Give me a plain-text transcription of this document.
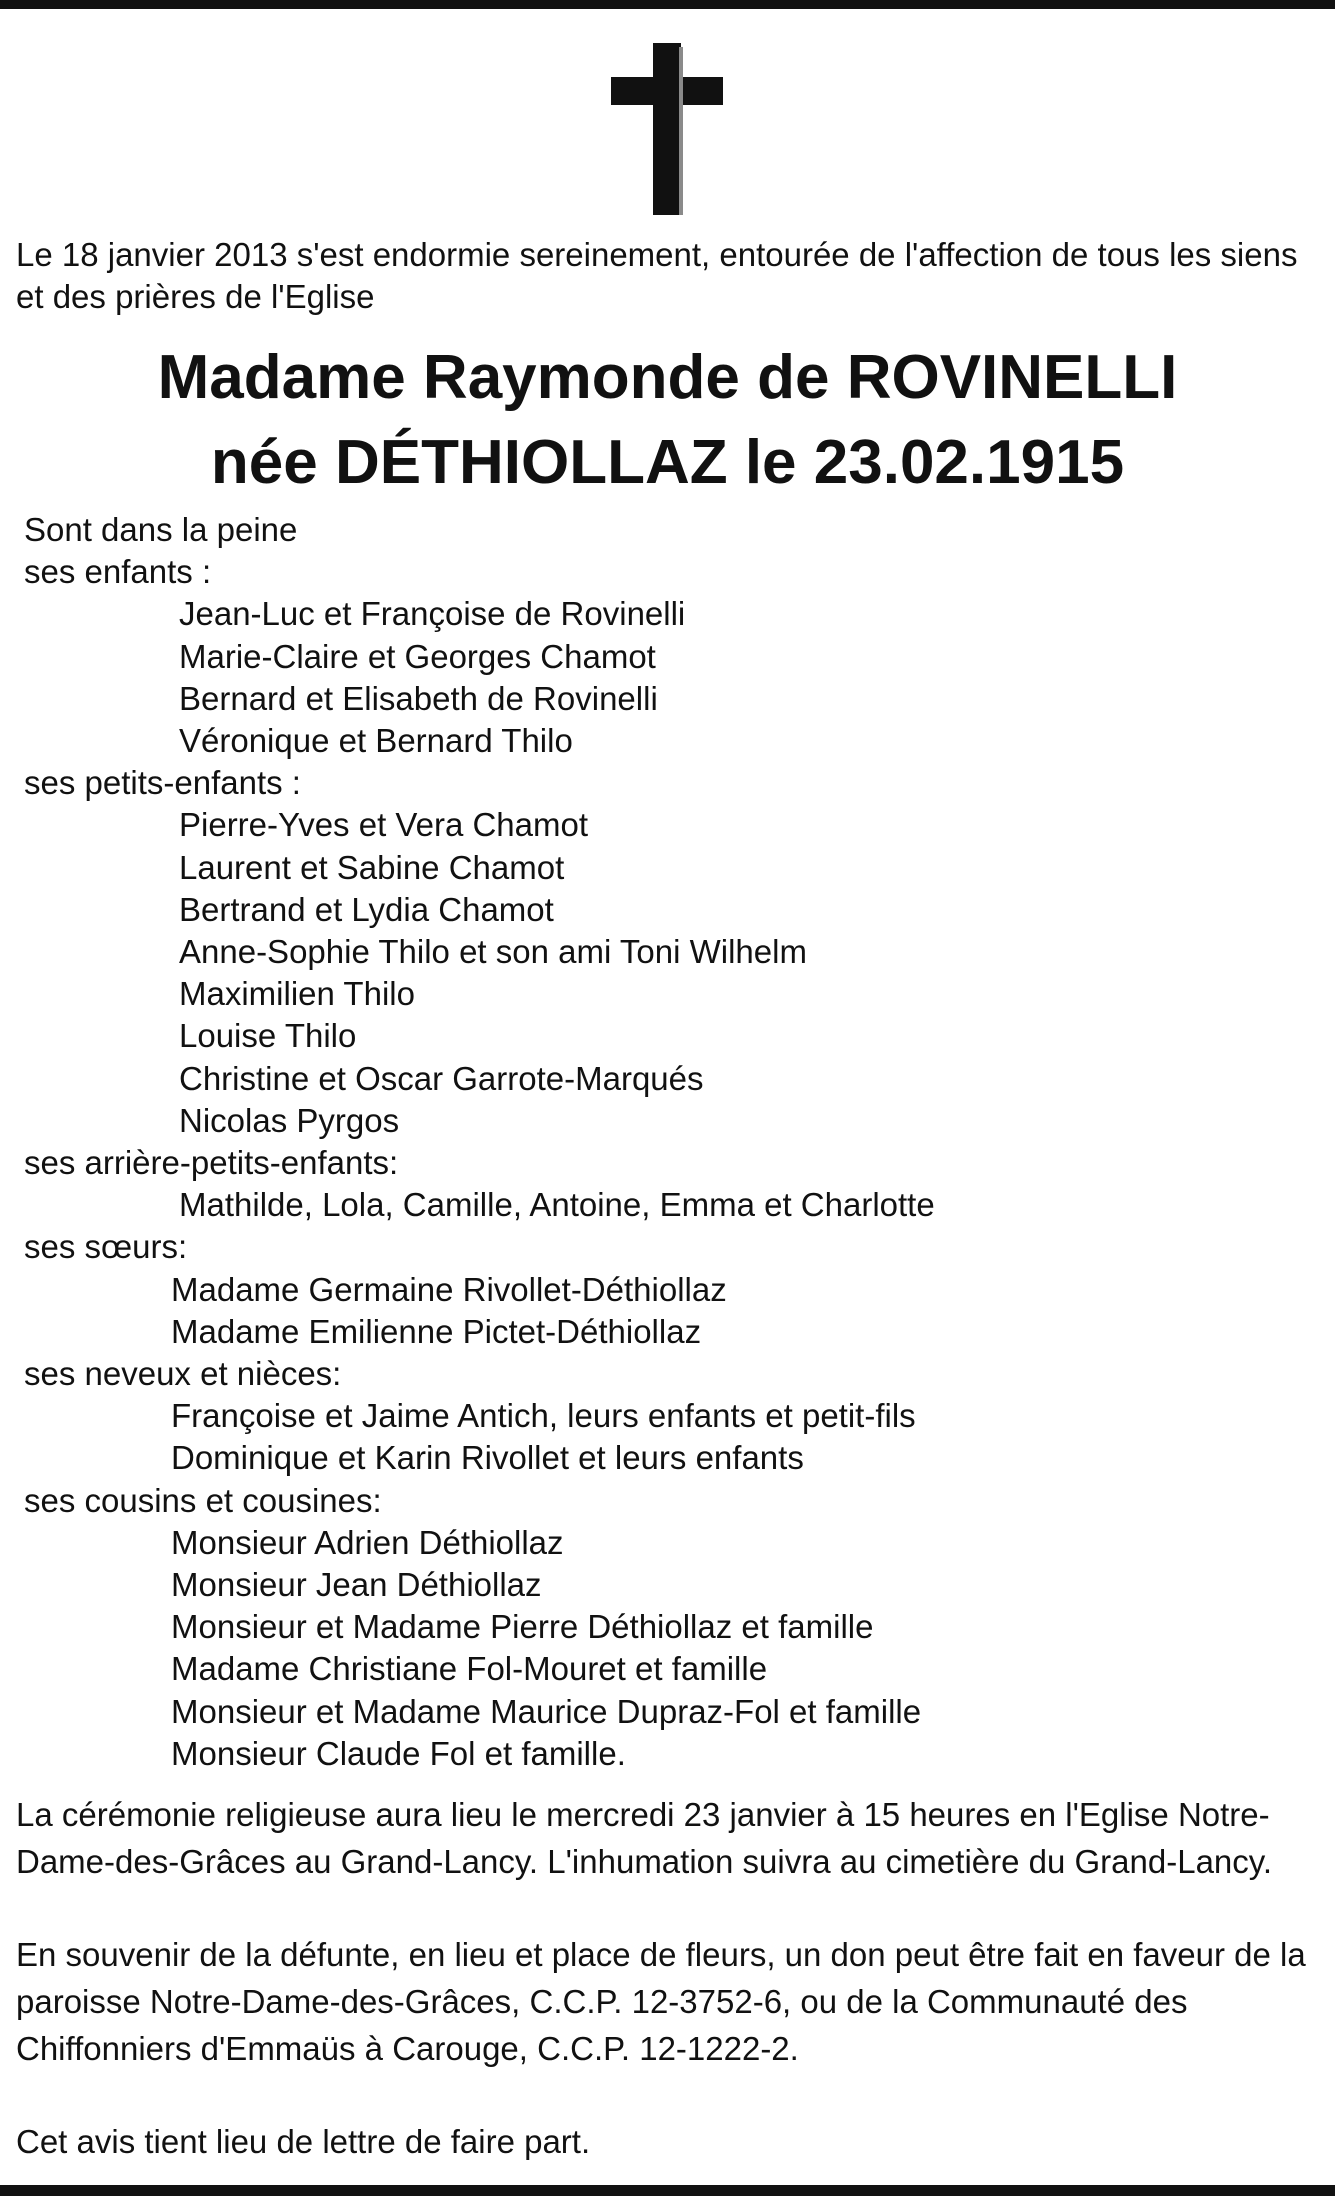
Le 18 janvier 2013 s'est endormie sereinement, entourée de l'affection de tous les siens et des prières de l'Eglise

Madame Raymonde de ROVINELLI
née DÉTHIOLLAZ le 23.02.1915
Sont dans la peine
ses enfants :
Jean-Luc et Françoise de Rovinelli
Marie-Claire et Georges Chamot
Bernard et Elisabeth de Rovinelli
Véronique et Bernard Thilo
ses petits-enfants :
Pierre-Yves et Vera Chamot
Laurent et Sabine Chamot
Bertrand et Lydia Chamot
Anne-Sophie Thilo et son ami Toni Wilhelm
Maximilien Thilo
Louise Thilo
Christine et Oscar Garrote-Marqués
Nicolas Pyrgos
ses arrière-petits-enfants:
Mathilde, Lola, Camille, Antoine, Emma et Charlotte
ses sœurs:
Madame Germaine Rivollet-Déthiollaz
Madame Emilienne Pictet-Déthiollaz
ses neveux et nièces:
Françoise et Jaime Antich, leurs enfants et petit-fils
Dominique et Karin Rivollet et leurs enfants
ses cousins et cousines:
Monsieur Adrien Déthiollaz
Monsieur Jean Déthiollaz
Monsieur et Madame Pierre Déthiollaz et famille
Madame Christiane Fol-Mouret et famille
Monsieur et Madame Maurice Dupraz-Fol et famille
Monsieur Claude Fol et famille.

La cérémonie religieuse aura lieu le mercredi 23 janvier à 15 heures en l'Eglise Notre-Dame-des-Grâces au Grand-Lancy. L'inhumation suivra au cimetière du Grand-Lancy.

En souvenir de la défunte, en lieu et place de fleurs, un don peut être fait en faveur de la paroisse Notre-Dame-des-Grâces, C.C.P. 12-3752-6, ou de la Communauté des Chiffonniers d'Emmaüs à Carouge, C.C.P. 12-1222-2.

Cet avis tient lieu de lettre de faire part.
